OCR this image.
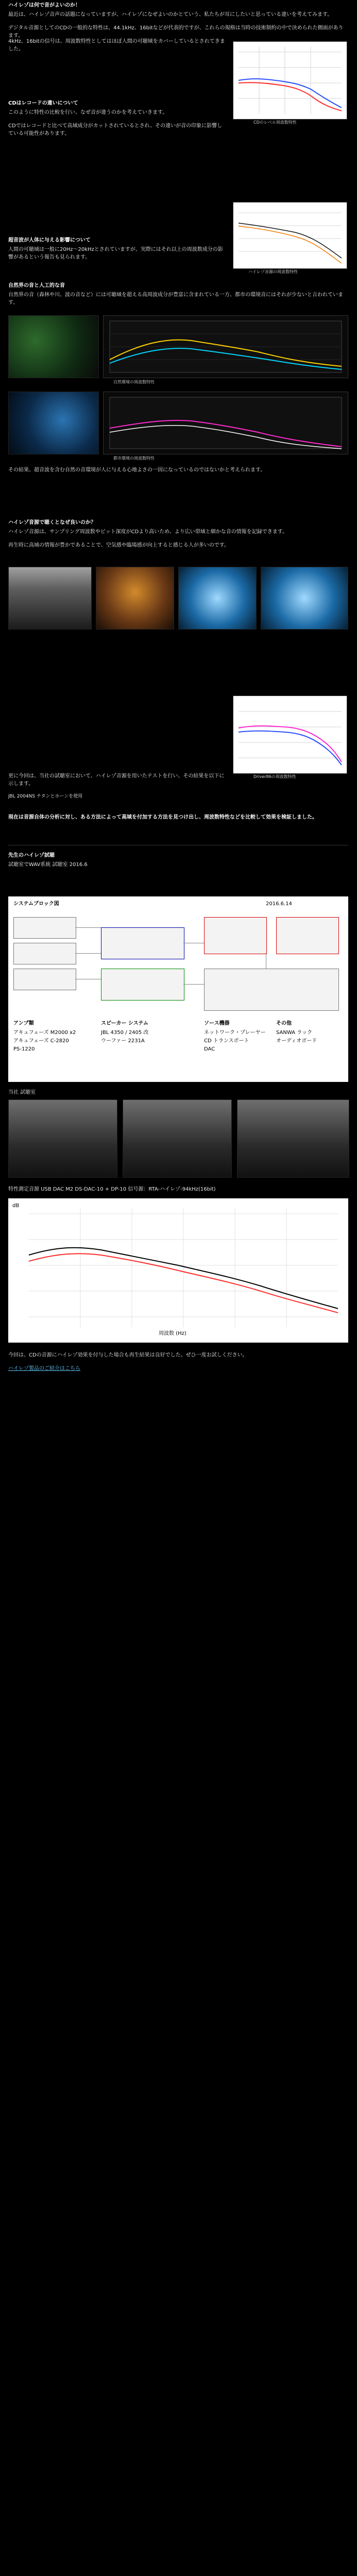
ハイレゾは何で音がよいのか！
最近は、ハイレゾ音声の話題になっていますが、ハイレゾになぜよいのかとていう、私たちが耳にしたいと思っている違いを考えてみます。
デジタル音源としてのCDの一般的な特性は、44.1kHz、16bitなどが代表的ですが、これらの規格は当時の技術制約の中で決められた側面があります。
4kHz、16bitの信号は、周波数特性としてはほぼ人間の可聴域をカバーしているとされてきました。
CDのレベル周波数特性
CDはレコードの違いについて
このように特性の比較を行い、なぜ音が違うのかを考えていきます。
CDではレコードと比べて高域成分がカットされているとされ、その違いが音の印象に影響している可能性があります。
ハイレゾ音源の周波数特性
超音波が人体に与える影響について
人間の可聴域は一般に20Hz～20kHzとされていますが、実際にはそれ以上の周波数成分の影響があるという報告も見られます。
自然界の音と人工的な音
自然界の音（森林や川、波の音など）には可聴域を超える高周波成分が豊富に含まれている一方、都市の環境音にはそれが少ないと言われています。
自然環境の周波数特性
都市環境の周波数特性
その結果、超音波を含む自然の音環境が人に与える心地よさの一因になっているのではないかと考えられます。
ハイレゾ音源で聴くとなぜ良いのか？
ハイレゾ音源は、サンプリング周波数やビット深度がCDより高いため、より広い帯域と細かな音の情報を記録できます。
再生時に高域の情報が豊かであることで、空気感や臨場感が向上すると感じる人が多いのです。
Driver86の周波数特性
更に今回は、当社の試聴室において、ハイレゾ音源を用いたテストを行い、その結果を以下に示します。
JBL 2004NS チタンとホーンを使用
現在は音源自体の分析に対し、ある方法によって高域を付加する方法を見つけ出し、周波数特性などを比較して効果を検証しました。
先生のハイレゾ試聴
試聴室でWAV系統 試聴室 2016.6
システムブロック図	2016.6.14
アンプ類
アキュフェーズ M2000 x2
アキュフェーズ C-2820
PS-1220
スピーカー システム
JBL 4350 / 2405 改
ウーファー 2231A
ソース機器
ネットワーク・プレーヤー
CD トランスポート
DAC
その他
SANWA ラック
オーディオボード
当社 試聴室
特性測定音源 USB DAC M2 DS-DAC-10 + DP-10 信号源：RTA-ハイレゾ-94kHz(16bit)
dB
周波数 (Hz)
今回は、CDの音源にハイレゾ効果を付与した場合も再生結果は良好でした。ぜひ一度お試しください。
ハイレゾ製品のご紹介はこちら
